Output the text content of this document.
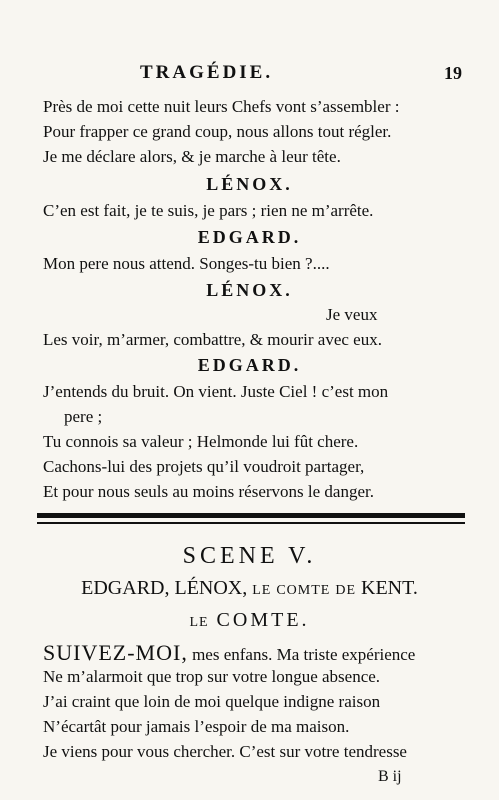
TRAGÉDIE.	19
Près de moi cette nuit leurs Chefs vont s’assembler :
Pour frapper ce grand coup, nous allons tout régler.
Je me déclare alors, & je marche à leur tête.
LÉNOX.
C’en est fait, je te suis, je pars ; rien ne m’arrête.
EDGARD.
Mon pere nous attend. Songes-tu bien ?....
LÉNOX.
Je veux
Les voir, m’armer, combattre, & mourir avec eux.
EDGARD.
J’entends du bruit. On vient. Juste Ciel ! c’est mon
pere ;
Tu connois sa valeur ; Helmonde lui fût chere.
Cachons-lui des projets qu’il voudroit partager,
Et pour nous seuls au moins réservons le danger.
SCENE V.
EDGARD, LÉNOX, LE COMTE DE KENT.
LE COMTE.
SUIVEZ-MOI, mes enfans. Ma triste expérience
Ne m’alarmoit que trop sur votre longue absence.
J’ai craint que loin de moi quelque indigne raison
N’écartât pour jamais l’espoir de ma maison.
Je viens pour vous chercher. C’est sur votre tendresse
B ij
